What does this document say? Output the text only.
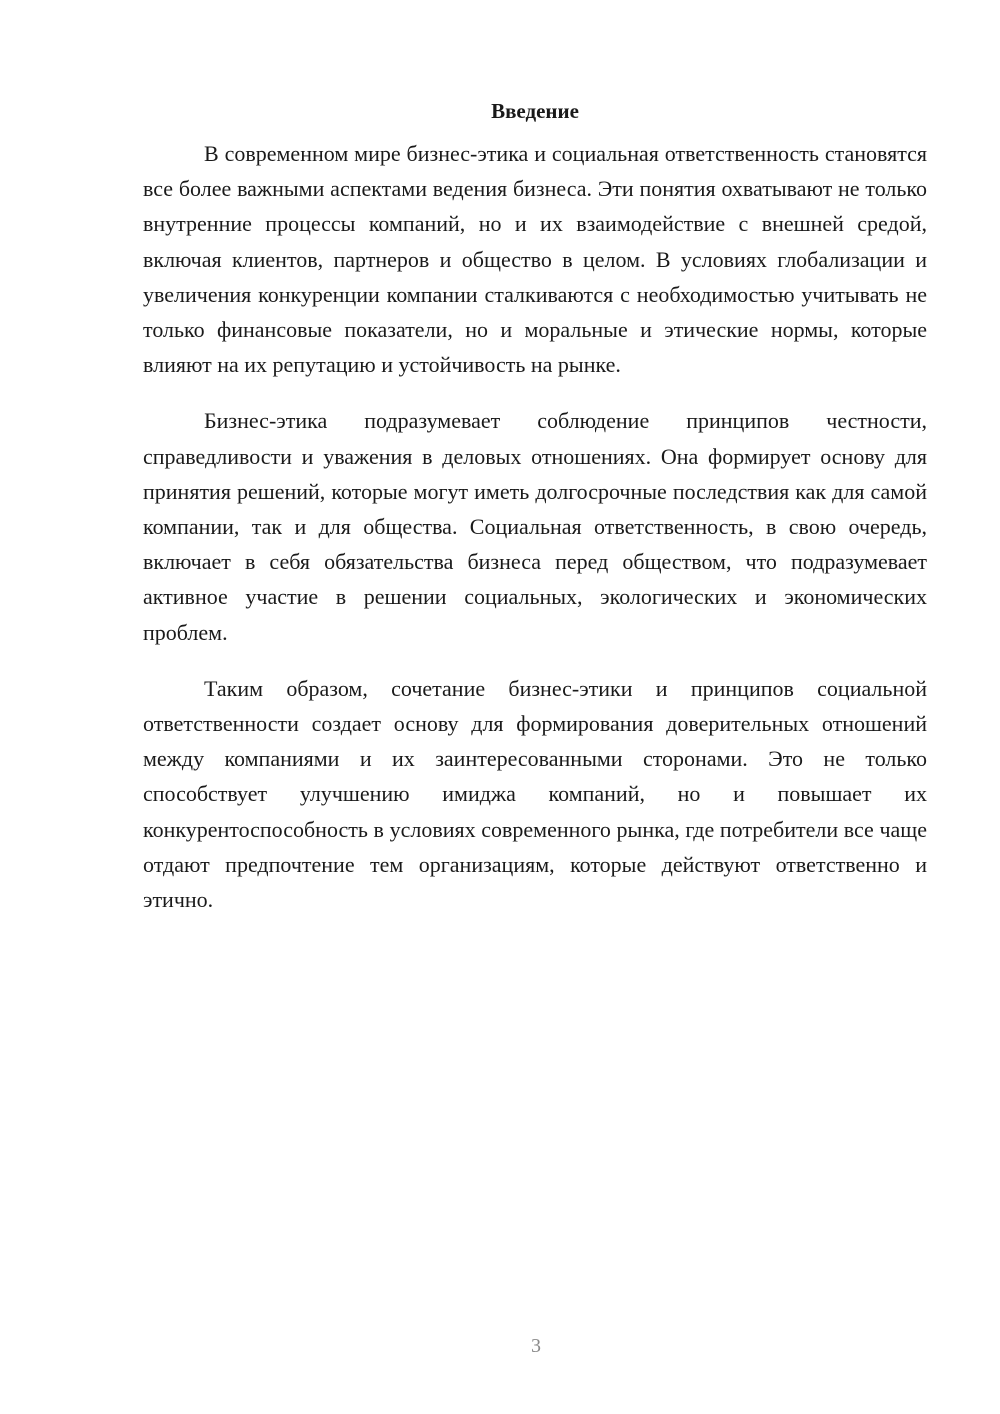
Введение

В современном мире бизнес-этика и социальная ответственность становятся все более важными аспектами ведения бизнеса. Эти понятия охватывают не только внутренние процессы компаний, но и их взаимодействие с внешней средой, включая клиентов, партнеров и общество в целом. В условиях глобализации и увеличения конкуренции компании сталкиваются с необходимостью учитывать не только финансовые показатели, но и моральные и этические нормы, которые влияют на их репутацию и устойчивость на рынке.

Бизнес-этика подразумевает соблюдение принципов честности, справедливости и уважения в деловых отношениях. Она формирует основу для принятия решений, которые могут иметь долгосрочные последствия как для самой компании, так и для общества. Социальная ответственность, в свою очередь, включает в себя обязательства бизнеса перед обществом, что подразумевает активное участие в решении социальных, экологических и экономических проблем.

Таким образом, сочетание бизнес-этики и принципов социальной ответственности создает основу для формирования доверительных отношений между компаниями и их заинтересованными сторонами. Это не только способствует улучшению имиджа компаний, но и повышает их конкурентоспособность в условиях современного рынка, где потребители все чаще отдают предпочтение тем организациям, которые действуют ответственно и этично.

3
